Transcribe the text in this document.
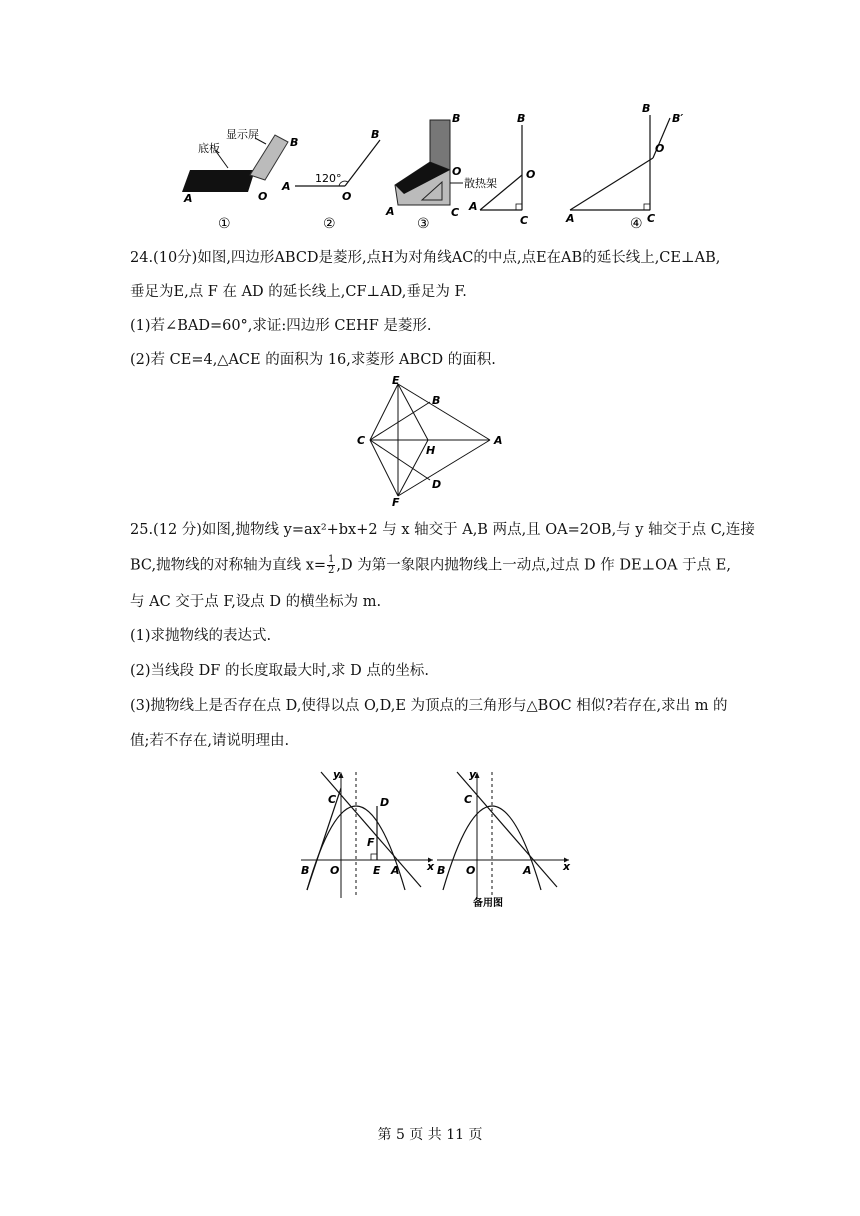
底板
显示屏
A	O
B
①
120°
A
O
B
②
散热架
B
O
A	C
③
B
O
A
C
B
B′
O
A	C
④
24.(10分)如图,四边形ABCD是菱形,点H为对角线AC的中点,点E在AB的延长线上,CE⊥AB,
垂足为E,点 F 在 AD 的延长线上,CF⊥AD,垂足为 F.
(1)若∠BAD=60°,求证:四边形 CEHF 是菱形.
(2)若 CE=4,△ACE 的面积为 16,求菱形 ABCD 的面积.
E
B
C
H
A
F
D
25.(12 分)如图,抛物线 y=ax²+bx+2 与 x 轴交于 A,B 两点,且 OA=2OB,与 y 轴交于点 C,连接
BC,抛物线的对称轴为直线 $x= \frac{1}{2} ,D$ 为第一象限内抛物线上一动点,过点 D 作 DE⊥OA 于点 E,
与 AC 交于点 F,设点 D 的横坐标为 m.
(1)求抛物线的表达式.
(2)当线段 DF 的长度取最大时,求 D 点的坐标.
(3)抛物线上是否存在点 D,使得以点 O,D,E 为顶点的三角形与△BOC 相似?若存在,求出 m 的
值;若不存在,请说明理由.
y
x
C	D
F
B O	E A
y
x
C
B O	A
备用图
第 5 页 共 11 页
